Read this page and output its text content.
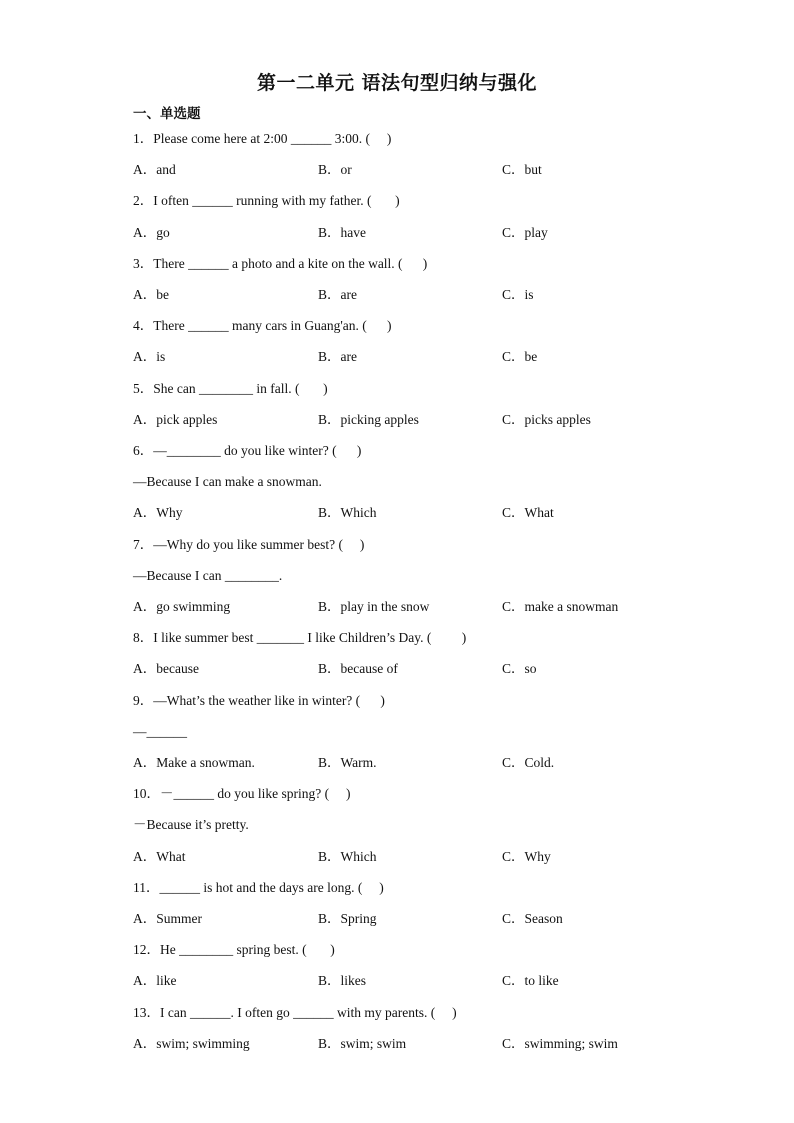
第一二单元 语法句型归纳与强化
一、单选题
1．Please come here at 2:00 ______ 3:00. (     )
A．and	B．or	C．but
2．I often ______ running with my father. (       )
A．go	B．have	C．play
3．There ______ a photo and a kite on the wall. (      )
A．be	B．are	C．is
4．There ______ many cars in Guang'an. (      )
A．is	B．are	C．be
5．She can ________ in fall. (       )
A．pick apples	B．picking apples	C．picks apples
6．—________ do you like winter? (      )
—Because I can make a snowman.
A．Why	B．Which	C．What
7．—Why do you like summer best? (     )
—Because I can ________.
A．go swimming	B．play in the snow	C．make a snowman
8．I like summer best _______ I like Children’s Day. (         )
A．because	B．because of	C．so
9．—What’s the weather like in winter? (      )
—______
A．Make a snowman.	B．Warm.	C．Cold.
10．－______ do you like spring? (     )
－Because it’s pretty.
A．What	B．Which	C．Why
11．______ is hot and the days are long. (     )
A．Summer	B．Spring	C．Season
12．He ________ spring best. (       )
A．like	B．likes	C．to like
13．I can ______. I often go ______ with my parents. (     )
A．swim; swimming	B．swim; swim	C．swimming; swim
